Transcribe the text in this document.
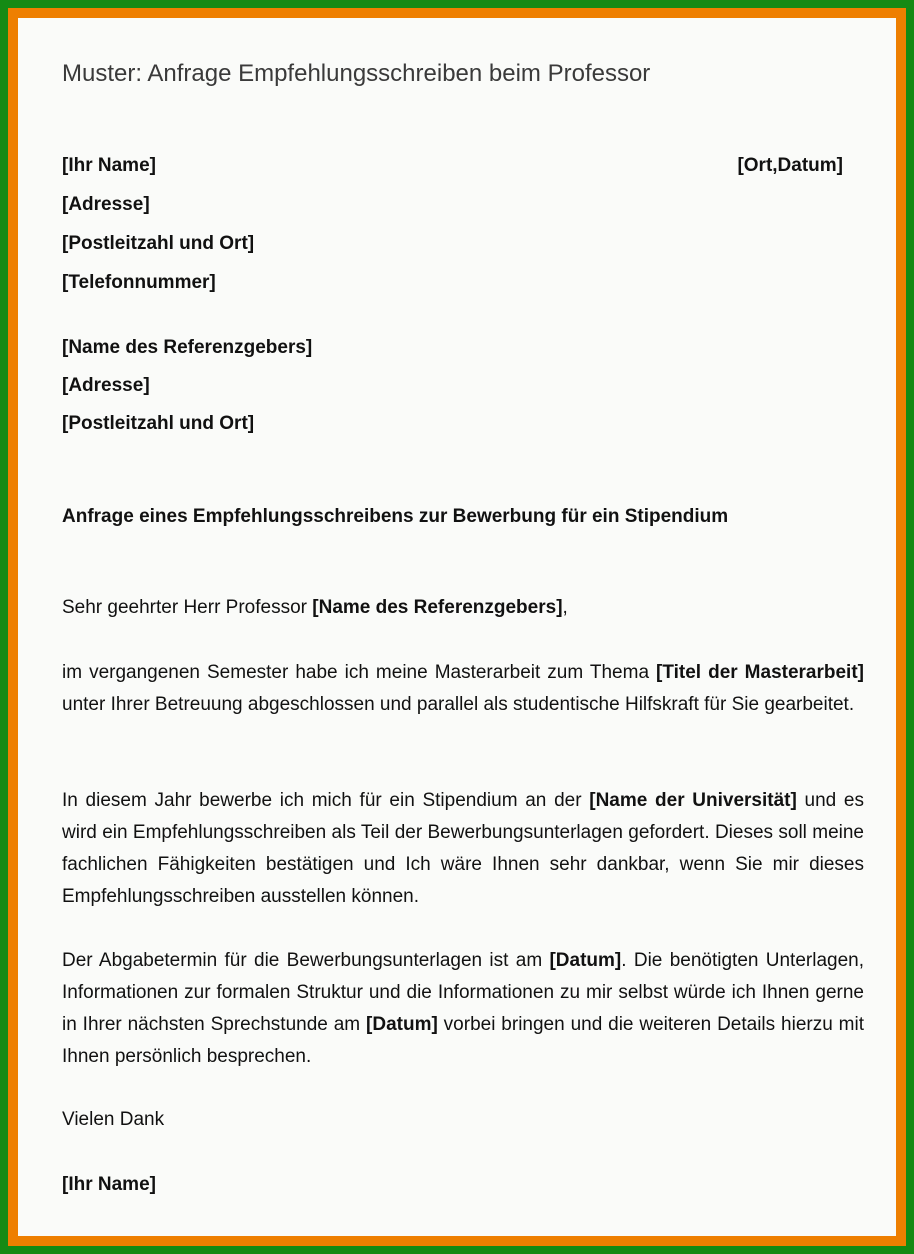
Muster: Anfrage Empfehlungsschreiben beim Professor
[Ihr Name]	[Ort,Datum]
[Adresse]
[Postleitzahl und Ort]
[Telefonnummer]
[Name des Referenzgebers]
[Adresse]
[Postleitzahl und Ort]
Anfrage eines Empfehlungsschreibens zur Bewerbung für ein Stipendium
Sehr geehrter Herr Professor [Name des Referenzgebers],

im vergangenen Semester habe ich meine Masterarbeit zum Thema [Titel der Masterarbeit] unter Ihrer Betreuung abgeschlossen und parallel als studentische Hilfskraft für Sie gearbeitet.

In diesem Jahr bewerbe ich mich für ein Stipendium an der [Name der Universität] und es wird ein Empfehlungsschreiben als Teil der Bewerbungsunterlagen gefordert. Dieses soll meine fachlichen Fähigkeiten bestätigen und Ich wäre Ihnen sehr dankbar, wenn Sie mir dieses Empfehlungsschreiben ausstellen können.

Der Abgabetermin für die Bewerbungsunterlagen ist am [Datum]. Die benötigten Unterlagen, Informationen zur formalen Struktur und die Informationen zu mir selbst würde ich Ihnen gerne in Ihrer nächsten Sprechstunde am [Datum] vorbei bringen und die weiteren Details hierzu mit Ihnen persönlich besprechen.

Vielen Dank
[Ihr Name]
